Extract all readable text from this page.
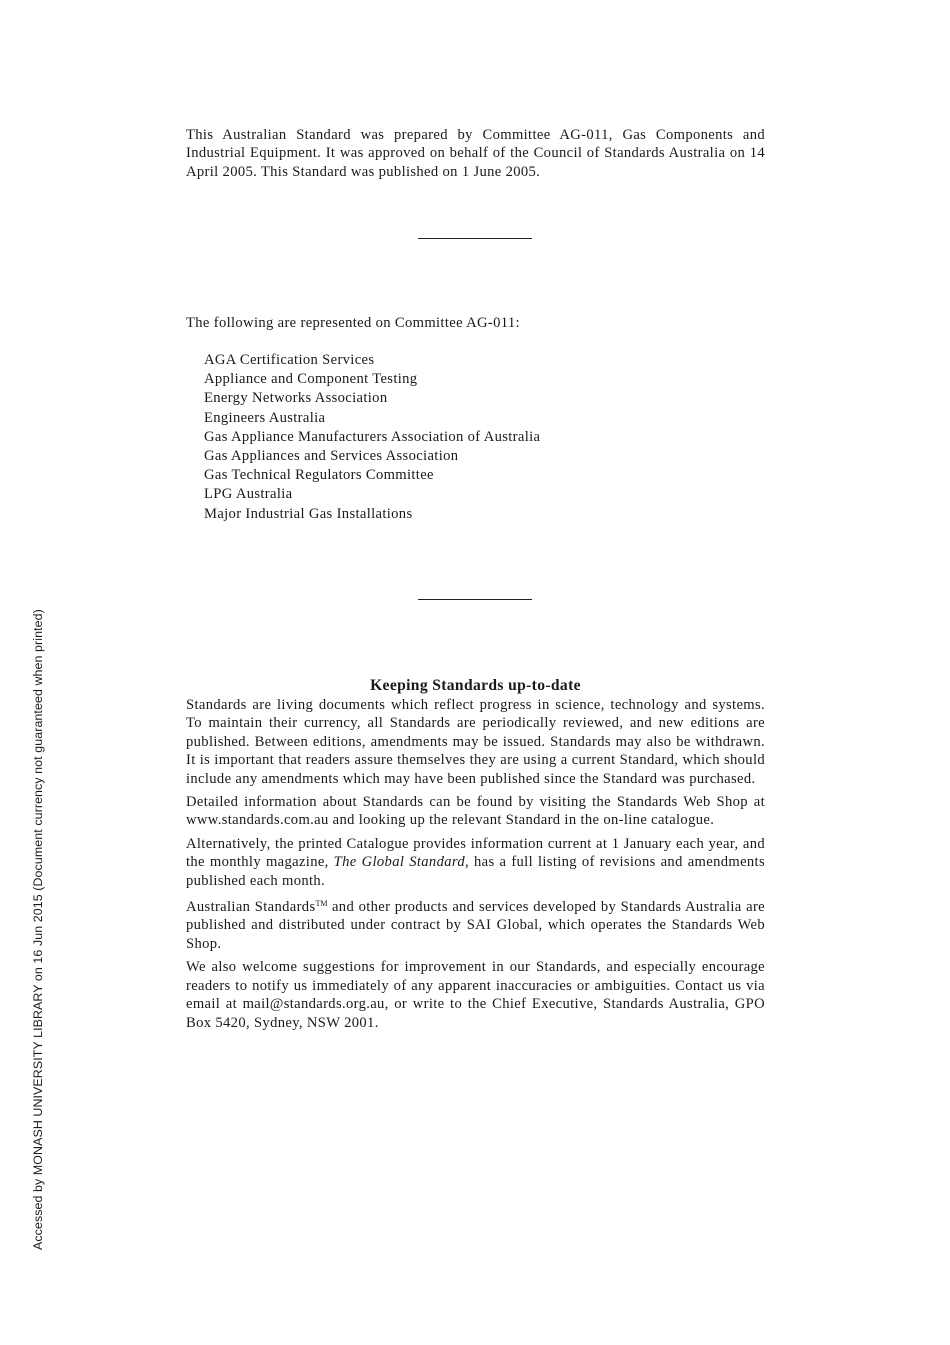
This Australian Standard was prepared by Committee AG-011, Gas Components and Industrial Equipment. It was approved on behalf of the Council of Standards Australia on 14 April 2005. This Standard was published on 1 June 2005.

The following are represented on Committee AG-011:

AGA Certification Services
Appliance and Component Testing
Energy Networks Association
Engineers Australia
Gas Appliance Manufacturers Association of Australia
Gas Appliances and Services Association
Gas Technical Regulators Committee
LPG Australia
Major Industrial Gas Installations
Keeping Standards up-to-date

Standards are living documents which reflect progress in science, technology and systems. To maintain their currency, all Standards are periodically reviewed, and new editions are published. Between editions, amendments may be issued. Standards may also be withdrawn. It is important that readers assure themselves they are using a current Standard, which should include any amendments which may have been published since the Standard was purchased.

Detailed information about Standards can be found by visiting the Standards Web Shop at www.standards.com.au and looking up the relevant Standard in the on-line catalogue.

Alternatively, the printed Catalogue provides information current at 1 January each year, and the monthly magazine, The Global Standard, has a full listing of revisions and amendments published each month.

Australian Standards™ and other products and services developed by Standards Australia are published and distributed under contract by SAI Global, which operates the Standards Web Shop.

We also welcome suggestions for improvement in our Standards, and especially encourage readers to notify us immediately of any apparent inaccuracies or ambiguities. Contact us via email at mail@standards.org.au, or write to the Chief Executive, Standards Australia, GPO Box 5420, Sydney, NSW 2001.

Accessed by MONASH UNIVERSITY LIBRARY on 16 Jun 2015 (Document currency not guaranteed when printed)
